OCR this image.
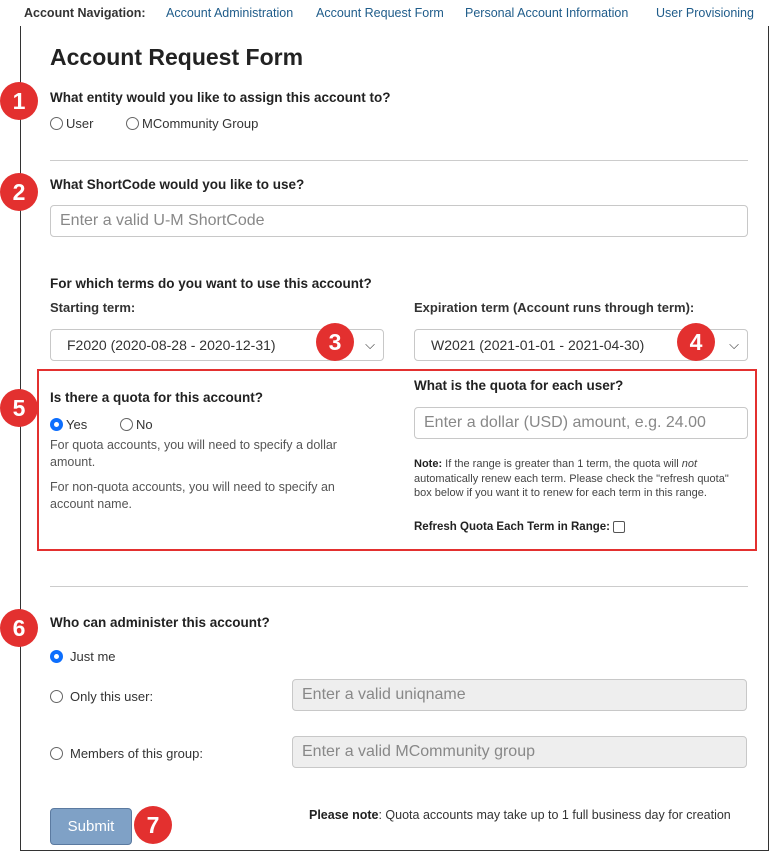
Account Navigation: Account Administration Account Request Form Personal Account Information User Provisioning
Account Request Form
1	What entity would you like to assign this account to?
User	MCommunity Group
2	What ShortCode would you like to use?
Enter a valid U-M ShortCode
For which terms do you want to use this account?
Starting term:
F2020 (2020-08-28 - 2020-12-31)	⌵
3
Expiration term (Account runs through term):
W2021 (2021-01-01 - 2021-04-30)	⌵
4
5	Is there a quota for this account?
Yes	No
For quota accounts, you will need to specify a dollar amount.
For non-quota accounts, you will need to specify an account name.
What is the quota for each user?
Enter a dollar (USD) amount, e.g. 24.00
Note: If the range is greater than 1 term, the quota will not automatically renew each term. Please check the "refresh quota" box below if you want it to renew for each term in this range.
Refresh Quota Each Term in Range:
6	Who can administer this account?
Just me
Only this user:	Enter a valid uniqname
Members of this group:	Enter a valid MCommunity group
Submit	7	Please note: Quota accounts may take up to 1 full business day for creation
